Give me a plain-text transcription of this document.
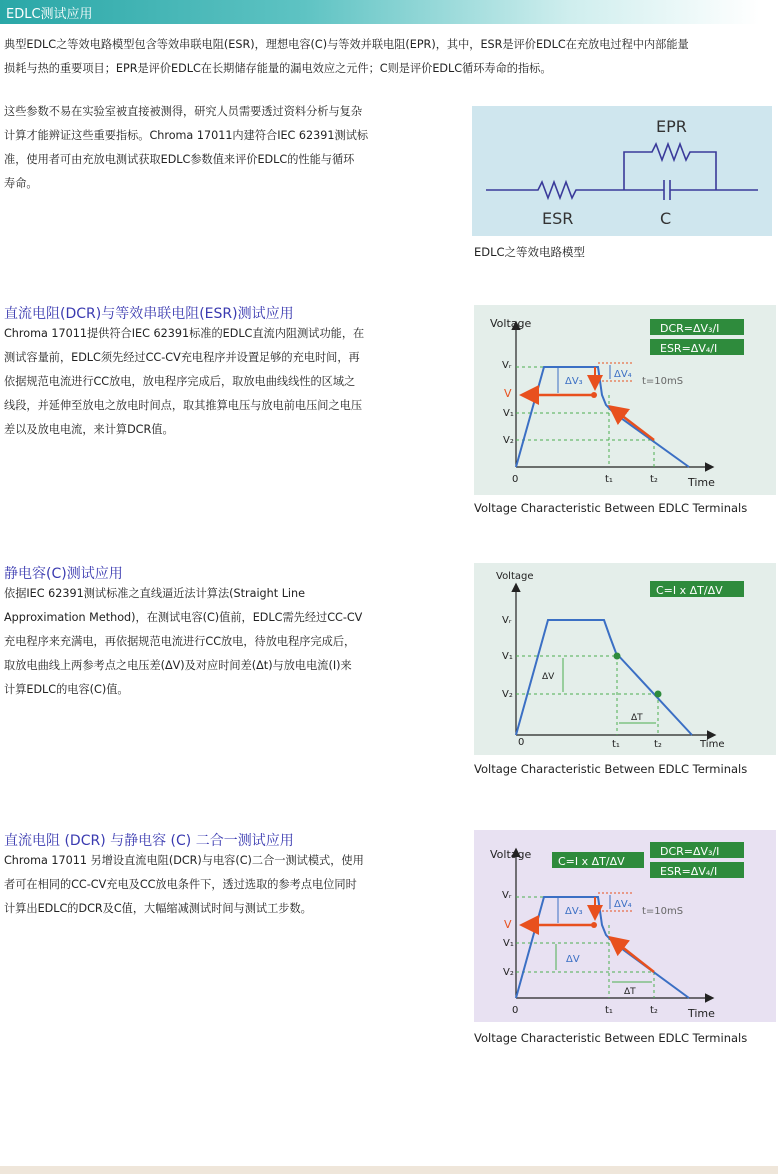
EDLC测试应用
典型EDLC之等效电路模型包含等效串联电阻(ESR)，理想电容(C)与等效并联电阻(EPR)，其中，ESR是评价EDLC在充放电过程中内部能量
损耗与热的重要项目；EPR是评价EDLC在长期储存能量的漏电效应之元件；C则是评价EDLC循环寿命的指标。
这些参数不易在实验室被直接被测得，研究人员需要透过资料分析与复杂
计算才能辨证这些重要指标。Chroma 17011内建符合IEC 62391测试标
准，使用者可由充放电测试获取EDLC参数值来评价EDLC的性能与循环
寿命。
EPR
ESR	C
EDLC之等效电路模型
直流电阻(DCR)与等效串联电阻(ESR)测试应用
Chroma 17011提供符合IEC 62391标准的EDLC直流内阻测试功能，在
测试容量前，EDLC须先经过CC-CV充电程序并设置足够的充电时间，再
依据规范电流进行CC放电，放电程序完成后，取放电曲线线性的区域之
线段，并延伸至放电之放电时间点，取其推算电压与放电前电压间之电压
差以及放电电流，来计算DCR值。
Voltage
Time
Vᵣ
V
V₁
V₂
0	t₁	t₂
ΔV₃
ΔV₄
t=10mS
DCR=ΔV₃/I
ESR=ΔV₄/I
Voltage Characteristic Between EDLC Terminals
静电容(C)测试应用
依据IEC 62391测试标准之直线逼近法计算法(Straight Line
Approximation Method)，在测试电容(C)值前，EDLC需先经过CC-CV
充电程序来充满电，再依据规范电流进行CC放电，待放电程序完成后，
取放电曲线上两参考点之电压差(ΔV)及对应时间差(Δt)与放电电流(I)来
计算EDLC的电容(C)值。
Voltage
Time
Vᵣ
V₁
V₂
0	t₁	t₂
ΔV
ΔT
C=I x ΔT/ΔV
Voltage Characteristic Between EDLC Terminals
直流电阻 (DCR) 与静电容 (C) 二合一测试应用
Chroma 17011 另增设直流电阻(DCR)与电容(C)二合一测试模式，使用
者可在相同的CC-CV充电及CC放电条件下，透过选取的参考点电位同时
计算出EDLC的DCR及C值，大幅缩减测试时间与测试工步数。
Voltage
Time
Vᵣ
V
V₁
V₂
0	t₁	t₂
ΔV₃
ΔV₄
t=10mS
ΔV
ΔT
C=I x ΔT/ΔV
DCR=ΔV₃/I
ESR=ΔV₄/I
Voltage Characteristic Between EDLC Terminals
